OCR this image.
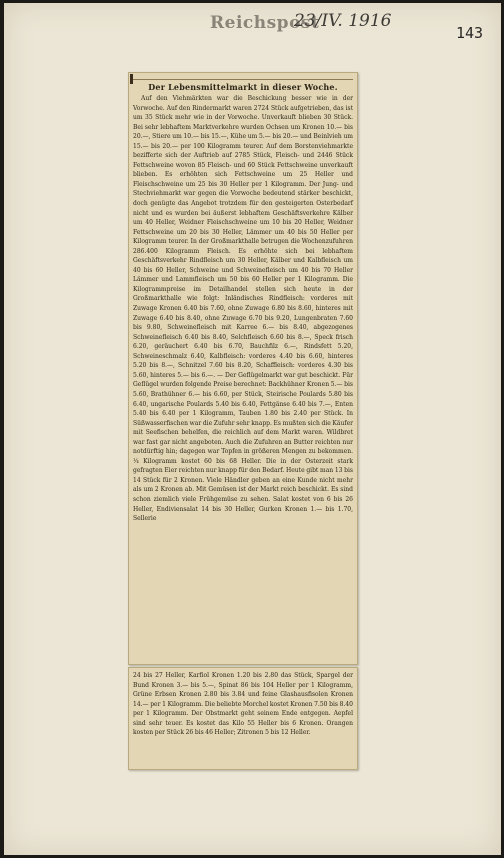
Reichspost
23/IV. 1916
143
Der Lebensmittelmarkt in dieser Woche.
Auf den Viehmärkten war die Beschickung besser wie in der Vorwoche. Auf den Rindermarkt waren 2724 Stück aufgetrieben, das ist um 35 Stück mehr wie in der Vorwoche. Unverkauft blieben 30 Stück. Bei sehr lebhaftem Marktverkehre wurden Ochsen um Kronen 10.— bis 20.—, Stiere um 10.— bis 15.—, Kühe um 5.— bis 20.— und Beinlvieh um 15.— bis 20.— per 100 Kilogramm teurer. Auf dem Borstenviehmarkte bezifferte sich der Auftrieb auf 2785 Stück, Fleisch- und 2446 Stück Fettschweine wovon 85 Fleisch- und 60 Stück Fettschweine unverkauft blieben. Es erhöhten sich Fettschweine um 25 Heller und Fleischschweine um 25 bis 30 Heller per 1 Kilogramm. Der Jung- und Stechviehmarkt war gegen die Vorwoche bedeutend stärker beschickt, doch genügte das Angebot trotzdem für den gesteigerten Osterbedarf nicht und es wurden bei äußerst lebhaftem Geschäftsverkehre Kälber um 40 Heller, Weidner Fleischschweine um 10 bis 20 Heller, Weidner Fettschweine um 20 bis 30 Heller, Lämmer um 40 bis 50 Heller per Kilogramm teurer. In der Großmarkthalle betrugen die Wochenzufuhren 286.400 Kilogramm Fleisch. Es erhöhte sich bei lebhaftem Geschäftsverkehr Rindfleisch um 30 Heller, Kälber und Kalbfleisch um 40 bis 60 Heller, Schweine und Schweinefleisch um 40 bis 70 Heller Lämmer und Lammfleisch um 50 bis 60 Heller per 1 Kilogramm. Die Kilogrammpreise im Detailhandel stellen sich heute in der Großmarkthalle wie folgt: Inländisches Rindfleisch: vorderes mit Zuwage Kronen 6.40 bis 7.60, ohne Zuwage 6.80 bis 8.60, hinteres mit Zuwage 6.40 bis 8.40, ohne Zuwage 6.70 bis 9.20, Lungenbraten 7.60 bis 9.80, Schweinefleisch mit Karree 6.— bis 8.40, abgezogenes Schweinefleisch 6.40 bis 8.40, Selchfleisch 6.60 bis 8.—, Speck frisch 6.20, geräuchert 6.40 bis 6.70, Bauchfilz 6.—, Rindsfett 5.20, Schweineschmalz 6.40, Kalbfleisch: vorderes 4.40 bis 6.60, hinteres 5.20 bis 8.—, Schnitzel 7.60 bis 8.20, Schaffleisch: vorderes 4.30 bis 5.60, hinteres 5.— bis 6.—. — Der Geflügelmarkt war gut beschickt. Für Geflügel wurden folgende Preise berechnet: Backhühner Kronen 5.— bis 5.60, Brathühner 6.— bis 6.60, per Stück, Steirische Poulards 5.80 bis 6.40, ungarische Poulards 5.40 bis 6.40, Fettgänse 6.40 bis 7.—, Enten 5.40 bis 6.40 per 1 Kilogramm, Tauben 1.80 bis 2.40 per Stück. In Süßwasserfischen war die Zufuhr sehr knapp. Es mußten sich die Käufer mit Seefischen behelfen, die reichlich auf dem Markt waren. Wildbret war fast gar nicht angeboten. Auch die Zufuhren an Butter reichten nur notdürftig hin; dagegen war Topfen in größeren Mengen zu bekommen. ¼ Kilogramm kostet 60 bis 68 Heller. Die in der Osterzeit stark gefragten Eier reichten nur knapp für den Bedarf. Heute gibt man 13 bis 14 Stück für 2 Kronen. Viele Händler geben an eine Kunde nicht mehr als um 2 Kronen ab. Mit Gemüsen ist der Markt reich beschickt. Es sind schon ziemlich viele Frühgemüse zu sehen. Salat kostet von 6 bis 26 Heller, Endiviensalat 14 bis 30 Heller, Gurken Kronen 1.— bis 1.70, Sellerie
24 bis 27 Heller, Karfiol Kronen 1.20 bis 2.80 das Stück, Spargel der Bund Kronen 3.— bis 5.—, Spinat 86 bis 104 Heller per 1 Kilogramm, Grüne Erbsen Kronen 2.80 bis 3.84 und feine Glashausfisolen Kronen 14.— per 1 Kilogramm. Die beliebte Morchel kostet Kronen 7.50 bis 8.40 per 1 Kilogramm. Der Obstmarkt geht seinem Ende entgegen. Aepfel sind sehr teuer. Es kostet das Kilo 55 Heller bis 6 Kronen. Orangen kosten per Stück 26 bis 46 Heller; Zitronen 5 bis 12 Heller.
